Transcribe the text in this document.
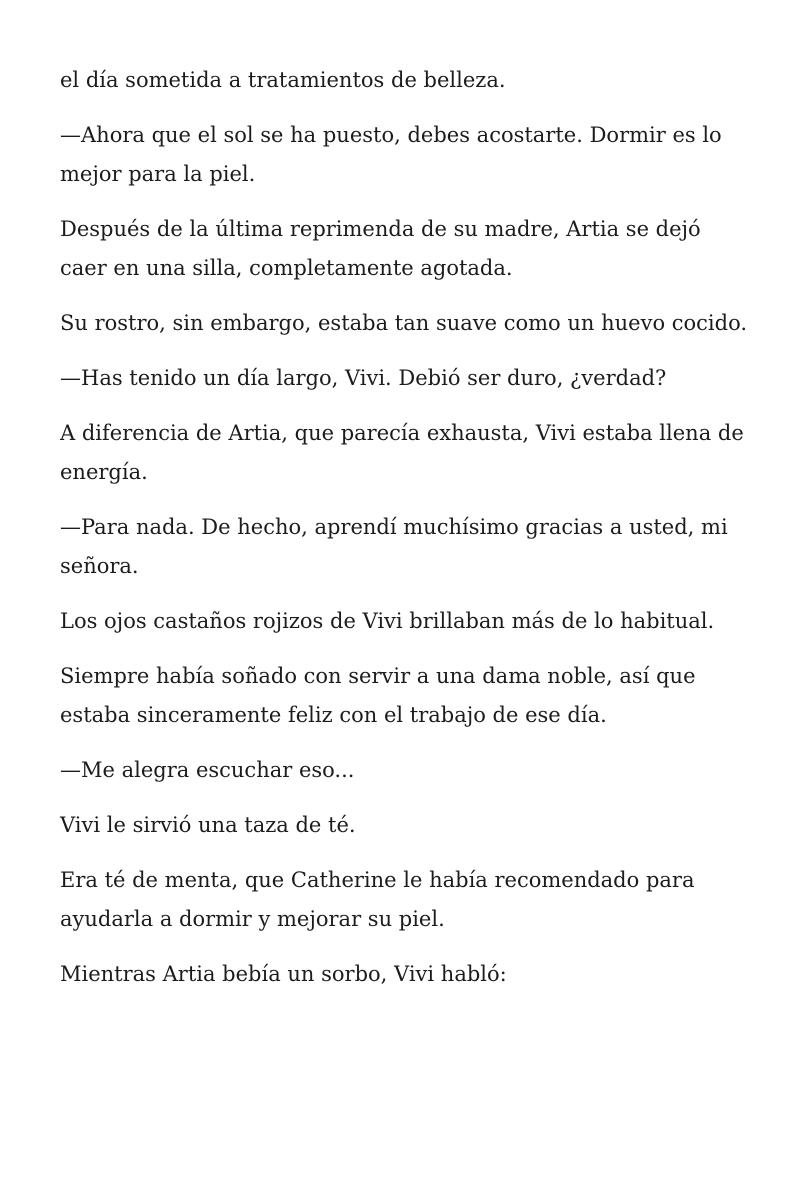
el día sometida a tratamientos de belleza.

—Ahora que el sol se ha puesto, debes acostarte. Dormir es lo mejor para la piel.

Después de la última reprimenda de su madre, Artia se dejó caer en una silla, completamente agotada.

Su rostro, sin embargo, estaba tan suave como un huevo cocido.

—Has tenido un día largo, Vivi. Debió ser duro, ¿verdad?

A diferencia de Artia, que parecía exhausta, Vivi estaba llena de energía.

—Para nada. De hecho, aprendí muchísimo gracias a usted, mi señora.

Los ojos castaños rojizos de Vivi brillaban más de lo habitual.

Siempre había soñado con servir a una dama noble, así que estaba sinceramente feliz con el trabajo de ese día.

—Me alegra escuchar eso...

Vivi le sirvió una taza de té.

Era té de menta, que Catherine le había recomendado para ayudarla a dormir y mejorar su piel.

Mientras Artia bebía un sorbo, Vivi habló:
